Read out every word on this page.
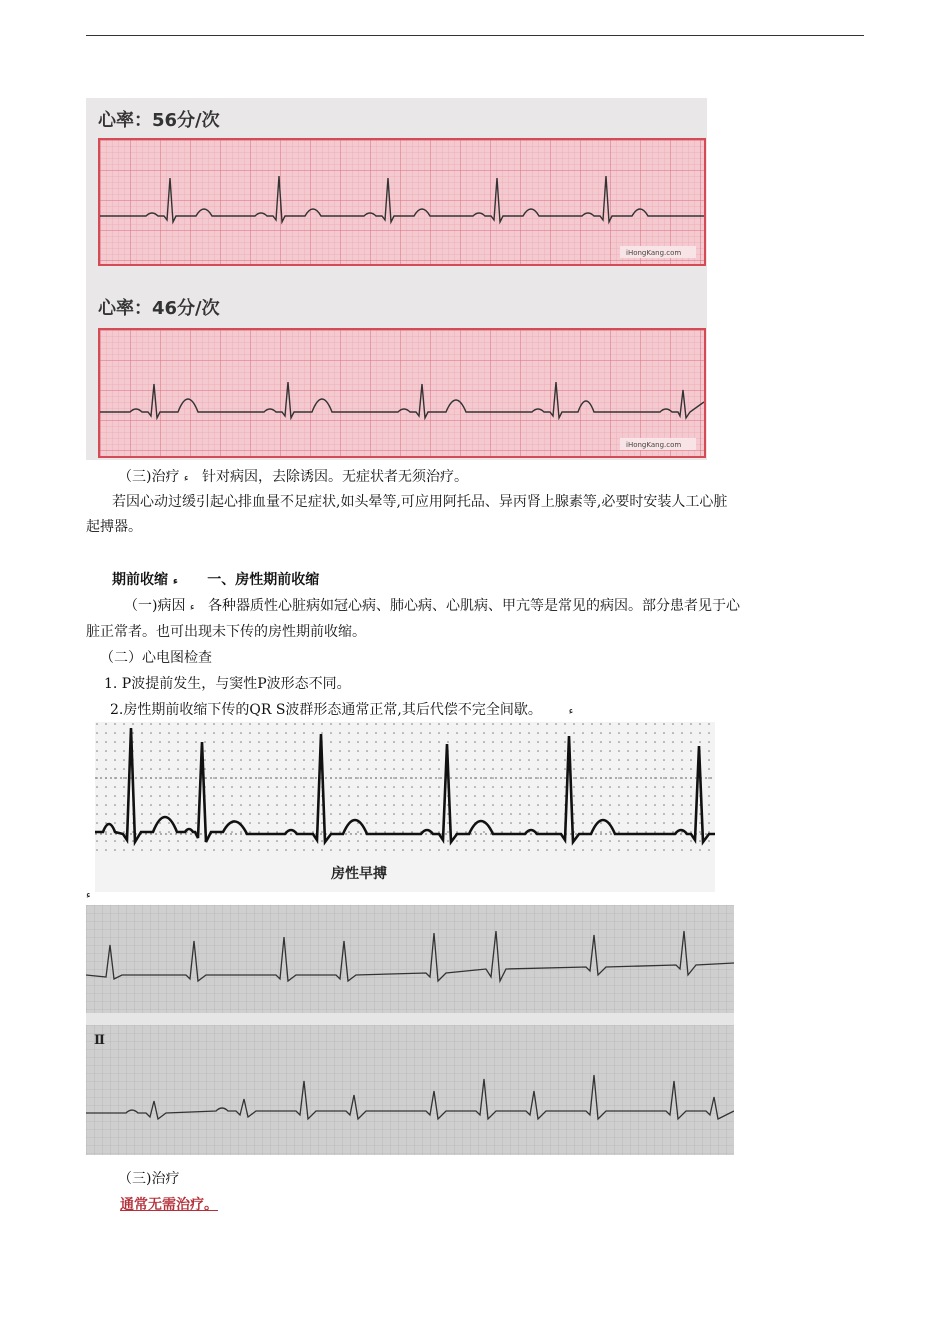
心率：56分/次
iHongKang.com
心率：46分/次
iHongKang.com
（三)治疗 ء 针对病因，去除诱因。无症状者无须治疗。
若因心动过缓引起心排血量不足症状,如头晕等,可应用阿托品、异丙肾上腺素等,必要时安装人工心脏
起搏器。
期前收缩 ء 一、房性期前收缩
（一)病因 ء 各种器质性心脏病如冠心病、肺心病、心肌病、甲亢等是常见的病因。部分患者见于心
脏正常者。也可出现未下传的房性期前收缩。
（二）心电图检查
1. P波提前发生，与窦性P波形态不同。
2.房性期前收缩下传的QR S波群形态通常正常,其后代偿不完全间歇。	ء
房性早搏
ء
Ⅱ
（三)治疗
通常无需治疗。
